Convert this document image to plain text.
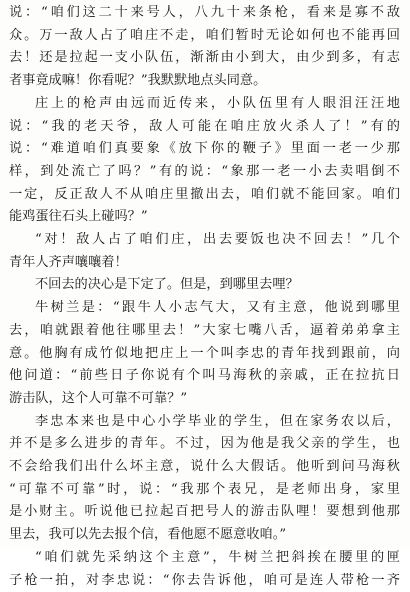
说：“咱们这二十来号人，八九十来条枪，看来是寡不敌
众。万一敌人占了咱庄不走，咱们暂时无论如何也不能再回
去！还是拉起一支小队伍，渐渐由小到大，由少到多，有志
者事竟成嘛！你看呢？”我默默地点头同意。
庄上的枪声由远而近传来，小队伍里有人眼泪汪汪地
说：“我的老天爷，敌人可能在咱庄放火杀人了！”有的
说：“难道咱们真要象《放下你的鞭子》里面一老一少那
样，到处流亡了吗？”有的说：“象那一老一小去卖唱倒不
一定，反正敌人不从咱庄里撤出去，咱们就不能回家。咱们
能鸡蛋往石头上碰吗？”
“对！敌人占了咱们庄，出去要饭也决不回去！”几个
青年人齐声嚷嚷着！
不回去的决心是下定了。但是，到哪里去哩？
牛树兰是：“跟牛人小志气大，又有主意，他说到哪里
去，咱就跟着他往哪里去！”大家七嘴八舌，逼着弟弟拿主
意。他胸有成竹似地把庄上一个叫李忠的青年找到跟前，向
他问道：“前些日子你说有个叫马海秋的亲戚，正在拉抗日
游击队，这个人可靠不可靠？”
李忠本来也是中心小学毕业的学生，但在家务农以后，
并不是多么进步的青年。不过，因为他是我父亲的学生，也
不会给我们出什么坏主意，说什么大假话。他听到问马海秋
“可靠不可靠”时，说：“我那个表兄，是老师出身，家里
是小财主。听说他已拉起百把号人的游击队哩！要想到他那
里去，我可以先去报个信，看他愿不愿意收咱。”
“咱们就先采纳这个主意”，牛树兰把斜挨在腰里的匣
子枪一拍，对李忠说：“你去告诉他，咱可是连人带枪一齐
